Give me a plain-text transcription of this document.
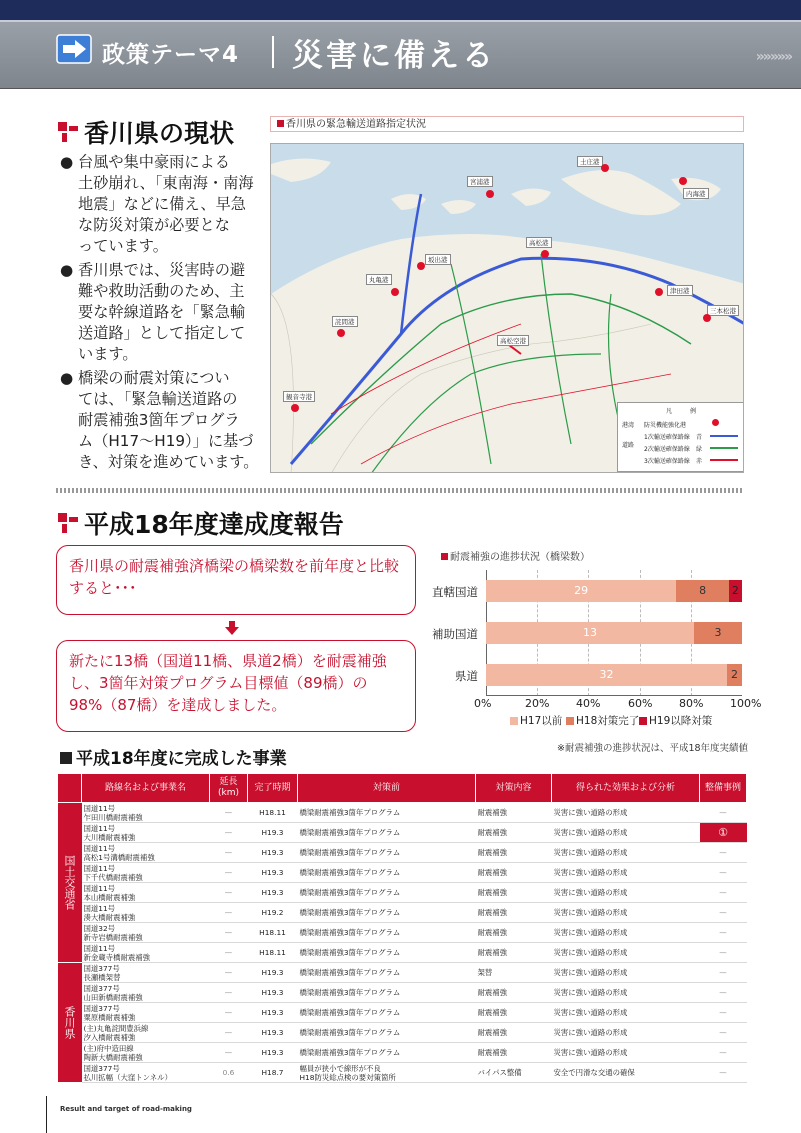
政策テーマ4 災害に備える	»»»»»
香川県の現状
● 台風や集中豪雨による
土砂崩れ、「東南海・南海
地震」などに備え、早急
な防災対策が必要とな
っています。
● 香川県では、災害時の避
難や救助活動のため、主
要な幹線道路を「緊急輸
送道路」として指定して
います。
● 橋梁の耐震対策につい
ては、「緊急輸送道路の
耐震補強3箇年プログラ
ム（H17～H19）」に基づ
き、対策を進めています。
香川県の緊急輸送道路指定状況
土庄港
宮浦港
内海港
坂出港
高松港
丸亀港
津田港
三本松港
詫間港
高松空港
観音寺港
凡　　　例
港湾 防災機能強化港
道路
1次輸送確保路線 青
2次輸送確保路線 緑
3次輸送確保路線 赤
平成18年度達成度報告
香川県の耐震補強済橋梁の橋梁数を前年度と比較すると･･･
新たに13橋（国道11橋、県道2橋）を耐震補強し、3箇年対策プログラム目標値（89橋）の98%（87橋）を達成しました。
耐震補強の進捗状況（橋梁数）
29	8	2
13	3
32	2
※耐震補強の進捗状況は、平成18年度実績値
平成18年度に完成した事業
	路線名および事業名	延長
(km)	完了時期	対策前	対策内容	得られた効果および分析	整備事例
国土交通省	国道11号
乍田川橋耐震補強	—	H18.11	橋梁耐震補強3箇年プログラム	耐震補強	災害に強い道路の形成	—

	国道11号
大川橋耐震補強	—	H19.3	橋梁耐震補強3箇年プログラム	耐震補強	災害に強い道路の形成	①

	国道11号
高松1号溝橋耐震補強	—	H19.3	橋梁耐震補強3箇年プログラム	耐震補強	災害に強い道路の形成	—

	国道11号
下千代橋耐震補強	—	H19.3	橋梁耐震補強3箇年プログラム	耐震補強	災害に強い道路の形成	—

	国道11号
本山橋耐震補強	—	H19.3	橋梁耐震補強3箇年プログラム	耐震補強	災害に強い道路の形成	—

	国道11号
湊大橋耐震補強	—	H19.2	橋梁耐震補強3箇年プログラム	耐震補強	災害に強い道路の形成	—

	国道32号
新寺岩橋耐震補強	—	H18.11	橋梁耐震補強3箇年プログラム	耐震補強	災害に強い道路の形成	—

	国道11号
新金蔵寺橋耐震補強	—	H18.11	橋梁耐震補強3箇年プログラム	耐震補強	災害に強い道路の形成	—
香川県	国道377号
長瀬橋架替	—	H19.3	橋梁耐震補強3箇年プログラム	架替	災害に強い道路の形成	—

	国道377号
山田新橋耐震補強	—	H19.3	橋梁耐震補強3箇年プログラム	耐震補強	災害に強い道路の形成	—

	国道377号
粟原橋耐震補強	—	H19.3	橋梁耐震補強3箇年プログラム	耐震補強	災害に強い道路の形成	—

	(主)丸亀詫間豊浜線
汐入橋耐震補強	—	H19.3	橋梁耐震補強3箇年プログラム	耐震補強	災害に強い道路の形成	—

	(主)府中造田線
陶新大橋耐震補強	—	H19.3	橋梁耐震補強3箇年プログラム	耐震補強	災害に強い道路の形成	—

	国道377号
払川拡幅（大窪トンネル）	0.6	H18.7	幅員が狭小で線形が不良
H18防災総点検の要対策箇所	バイパス整備	安全で円滑な交通の確保	—
Result and target of road-making
0%	20% 40%	60% 80% 100%
直轄国道
補助国道
県道
H17以前	H18対策完了 H19以降対策
